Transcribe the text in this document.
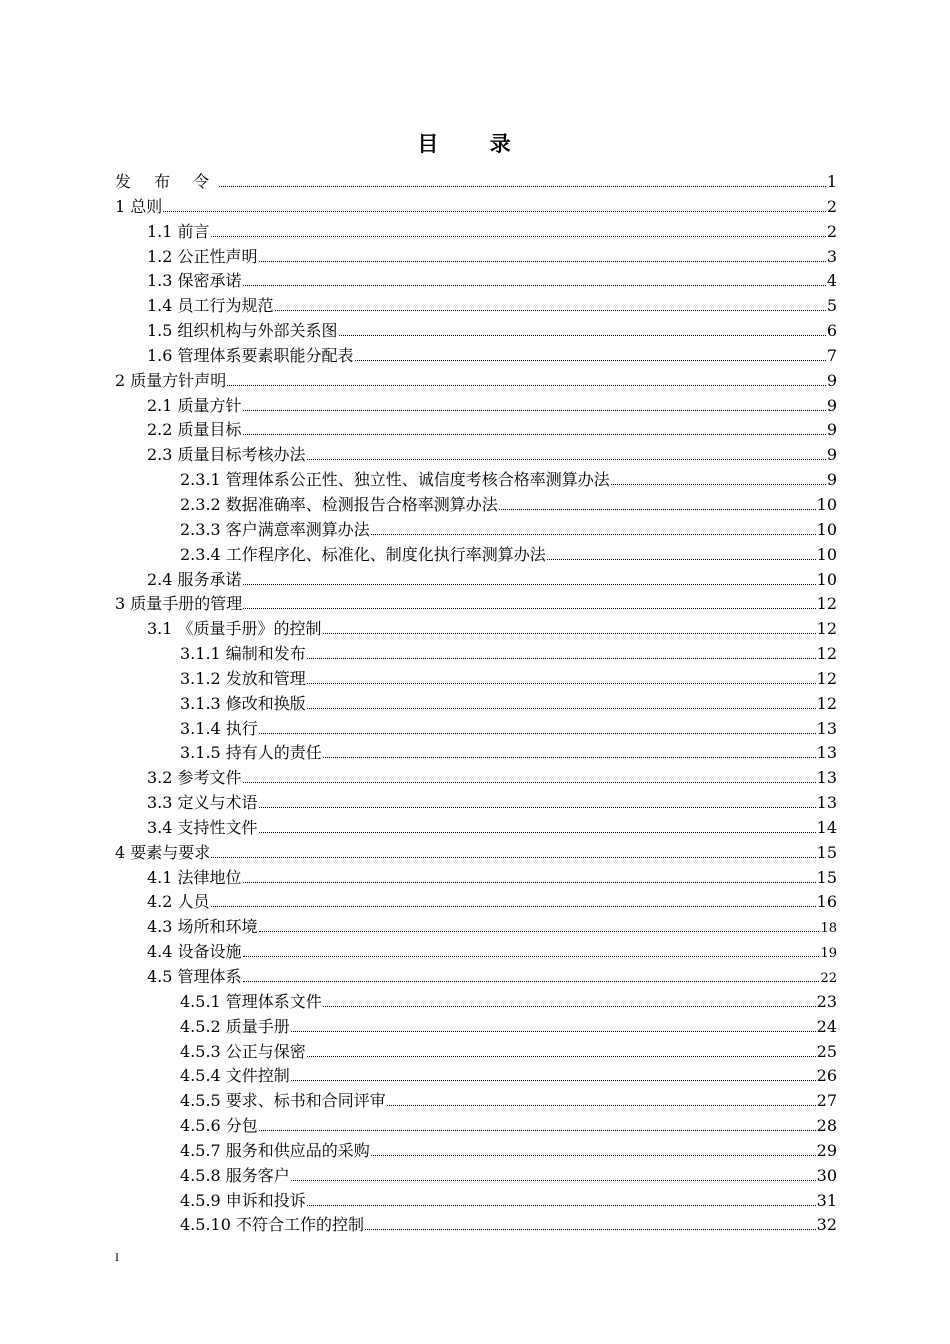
目 录
发 布 令	1
1 总则	2
1.1 前言	2
1.2 公正性声明	3
1.3 保密承诺	4
1.4 员工行为规范	5
1.5 组织机构与外部关系图	6
1.6 管理体系要素职能分配表	7
2 质量方针声明	9
2.1 质量方针	9
2.2 质量目标	9
2.3 质量目标考核办法	9
2.3.1 管理体系公正性、独立性、诚信度考核合格率测算办法	9
2.3.2 数据准确率、检测报告合格率测算办法	10
2.3.3 客户满意率测算办法	10
2.3.4 工作程序化、标准化、制度化执行率测算办法	10
2.4 服务承诺	10
3 质量手册的管理	12
3.1 《质量手册》的控制	12
3.1.1 编制和发布	12
3.1.2 发放和管理	12
3.1.3 修改和换版	12
3.1.4 执行	13
3.1.5 持有人的责任	13
3.2 参考文件	13
3.3 定义与术语	13
3.4 支持性文件	14
4 要素与要求	15
4.1 法律地位	15
4.2 人员	16
4.3 场所和环境	18
4.4 设备设施	19
4.5 管理体系	22
4.5.1 管理体系文件	23
4.5.2 质量手册	24
4.5.3 公正与保密	25
4.5.4 文件控制	26
4.5.5 要求、标书和合同评审	27
4.5.6 分包	28
4.5.7 服务和供应品的采购	29
4.5.8 服务客户	30
4.5.9 申诉和投诉	31
4.5.10 不符合工作的控制	32
I
